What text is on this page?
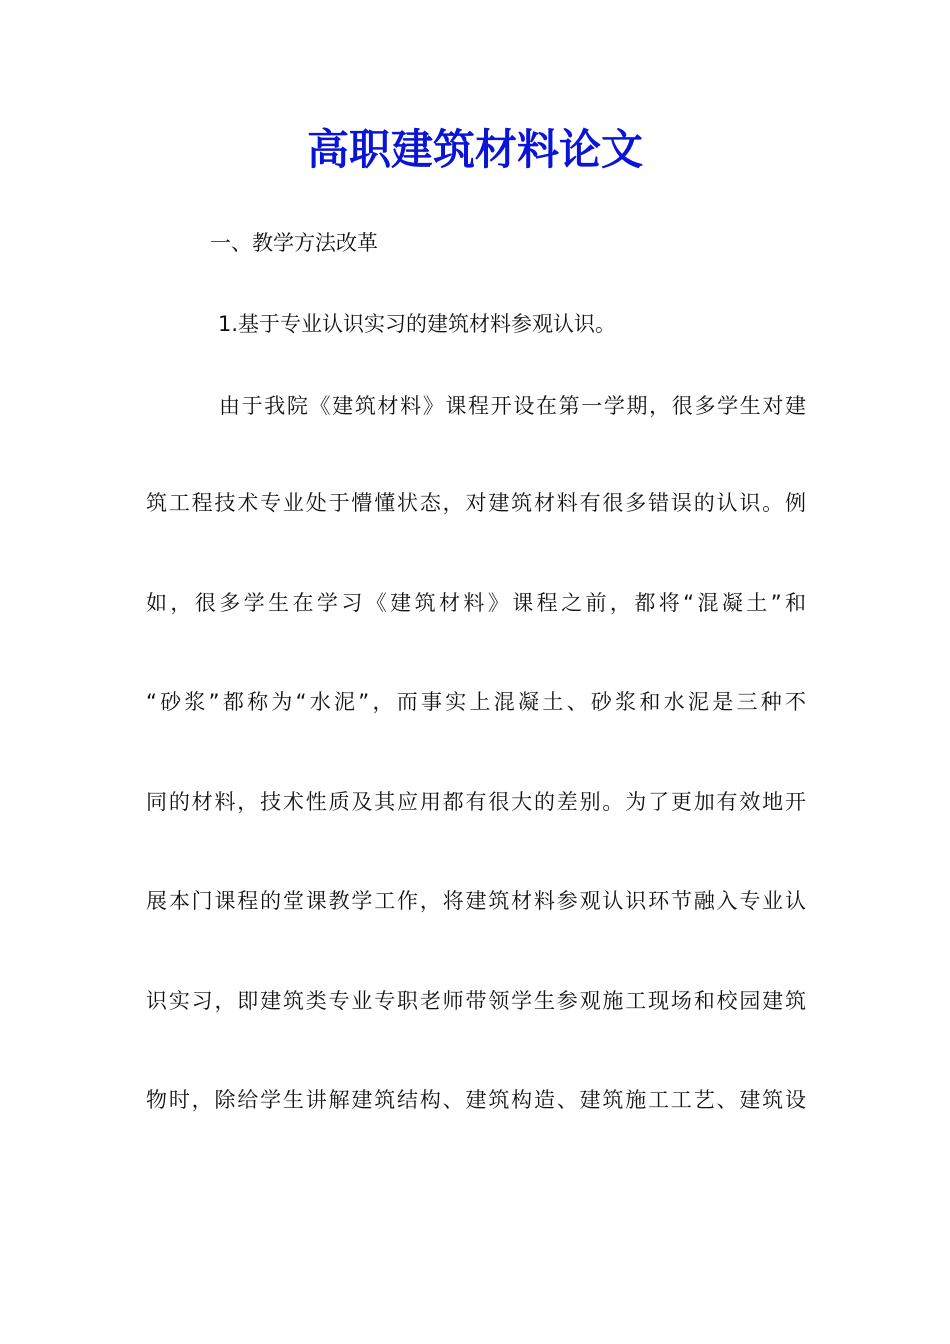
高职建筑材料论文
一、教学方法改革
1.基于专业认识实习的建筑材料参观认识。
由于我院《建筑材料》课程开设在第一学期，很多学生对建
筑工程技术专业处于懵懂状态，对建筑材料有很多错误的认识。例
如，很多学生在学习《建筑材料》课程之前，都将“混凝土”和
“砂浆”都称为“水泥”，而事实上混凝土、砂浆和水泥是三种不
同的材料，技术性质及其应用都有很大的差别。为了更加有效地开
展本门课程的堂课教学工作，将建筑材料参观认识环节融入专业认
识实习，即建筑类专业专职老师带领学生参观施工现场和校园建筑
物时，除给学生讲解建筑结构、建筑构造、建筑施工工艺、建筑设
